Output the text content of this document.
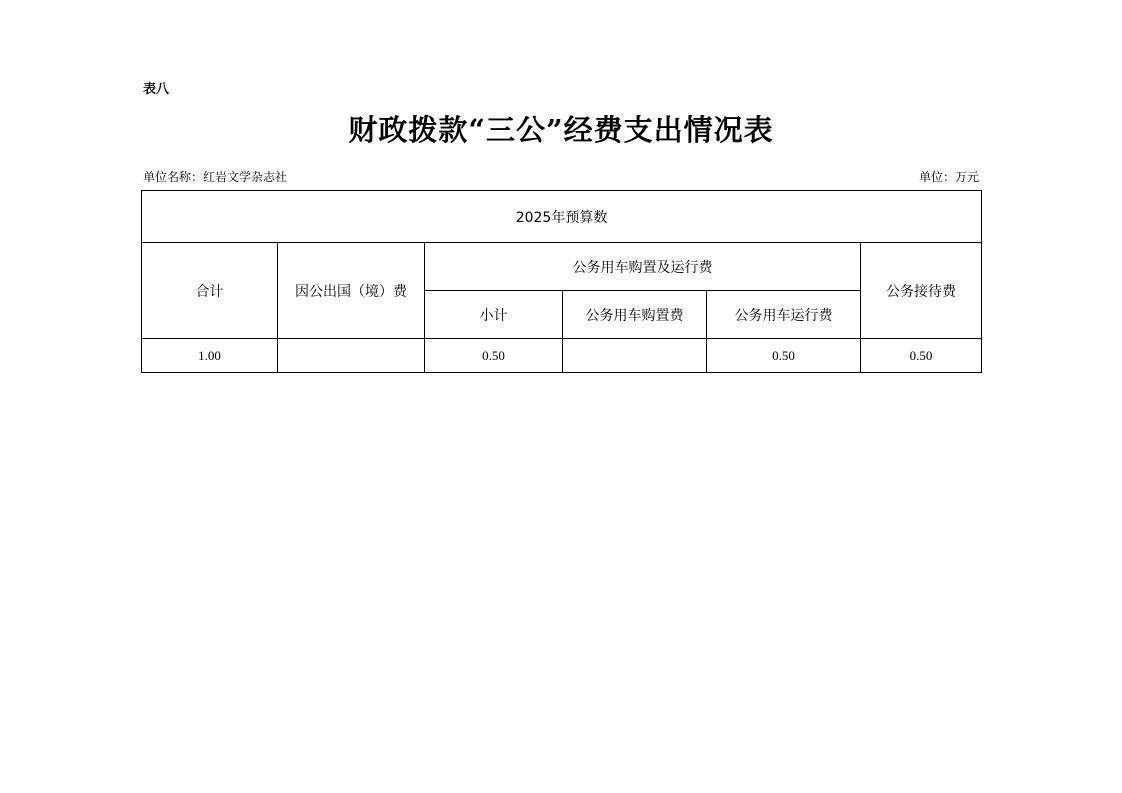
表八
财政拨款“三公”经费支出情况表
单位名称：红岩文学杂志社	单位：万元
2025年预算数					
合计	因公出国（境）费	公务用车购置及运行费			公务接待费
		小计	公务用车购置费	公务用车运行费	
1.00		0.50		0.50	0.50
